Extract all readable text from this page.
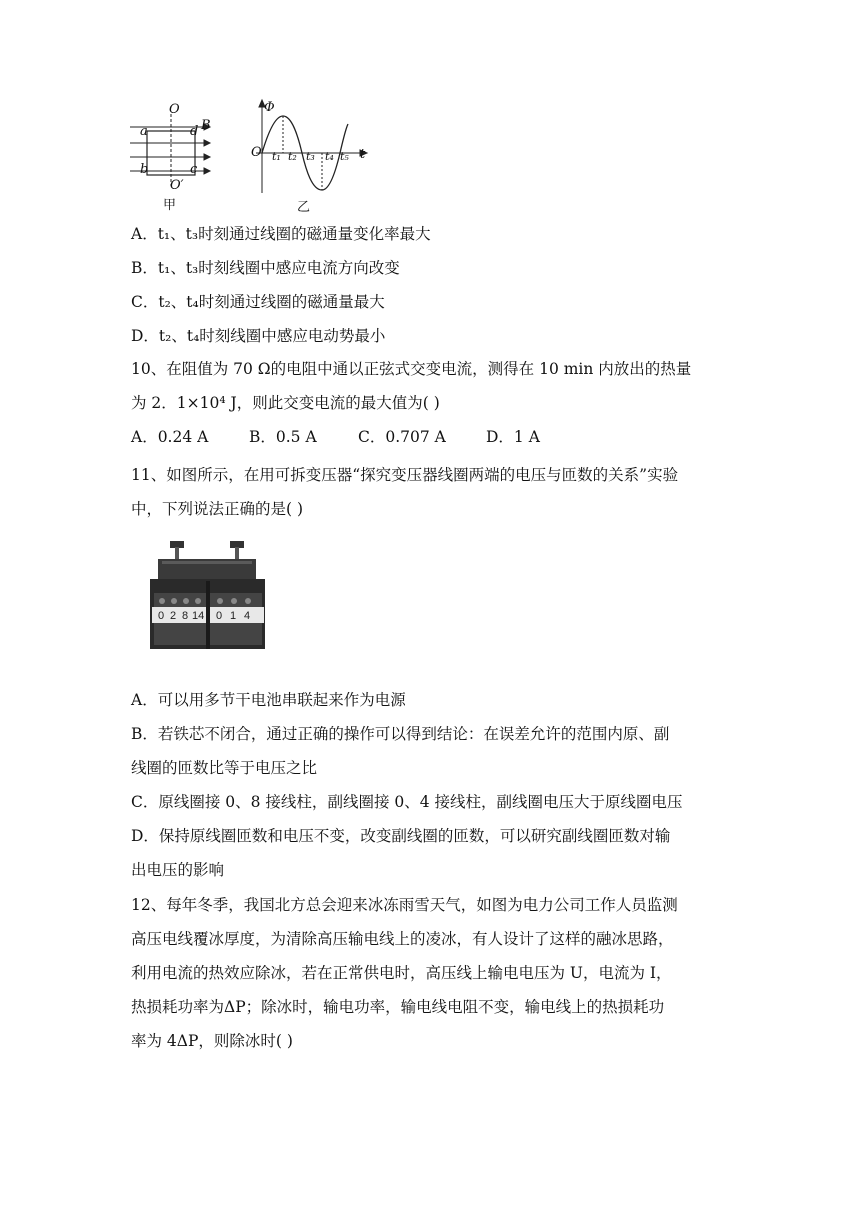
O
B
a	d
b	c
O′
甲
Φ
O	t
t₁ t₂ t₃ t₄ t₅
乙
A．t₁、t₃时刻通过线圈的磁通量变化率最大
B．t₁、t₃时刻线圈中感应电流方向改变
C．t₂、t₄时刻通过线圈的磁通量最大
D．t₂、t₄时刻线圈中感应电动势最小
10、在阻值为 70 Ω的电阻中通以正弦式交变电流，测得在 10 min 内放出的热量
为 2．1×10⁴ J，则此交变电流的最大值为( )
A．0.24 A	B．0.5 A	C．0.707 A	D．1 A
11、如图所示，在用可拆变压器“探究变压器线圈两端的电压与匝数的关系”实验
中，下列说法正确的是( )
0 2 8 14 0 1 4
A．可以用多节干电池串联起来作为电源
B．若铁芯不闭合，通过正确的操作可以得到结论：在误差允许的范围内原、副
线圈的匝数比等于电压之比
C．原线圈接 0、8 接线柱，副线圈接 0、4 接线柱，副线圈电压大于原线圈电压
D．保持原线圈匝数和电压不变，改变副线圈的匝数，可以研究副线圈匝数对输
出电压的影响
12、每年冬季，我国北方总会迎来冰冻雨雪天气，如图为电力公司工作人员监测
高压电线覆冰厚度，为清除高压输电线上的凌冰，有人设计了这样的融冰思路，
利用电流的热效应除冰，若在正常供电时，高压线上输电电压为 U，电流为 I，
热损耗功率为ΔP；除冰时，输电功率，输电线电阻不变，输电线上的热损耗功
率为 4ΔP，则除冰时( )
